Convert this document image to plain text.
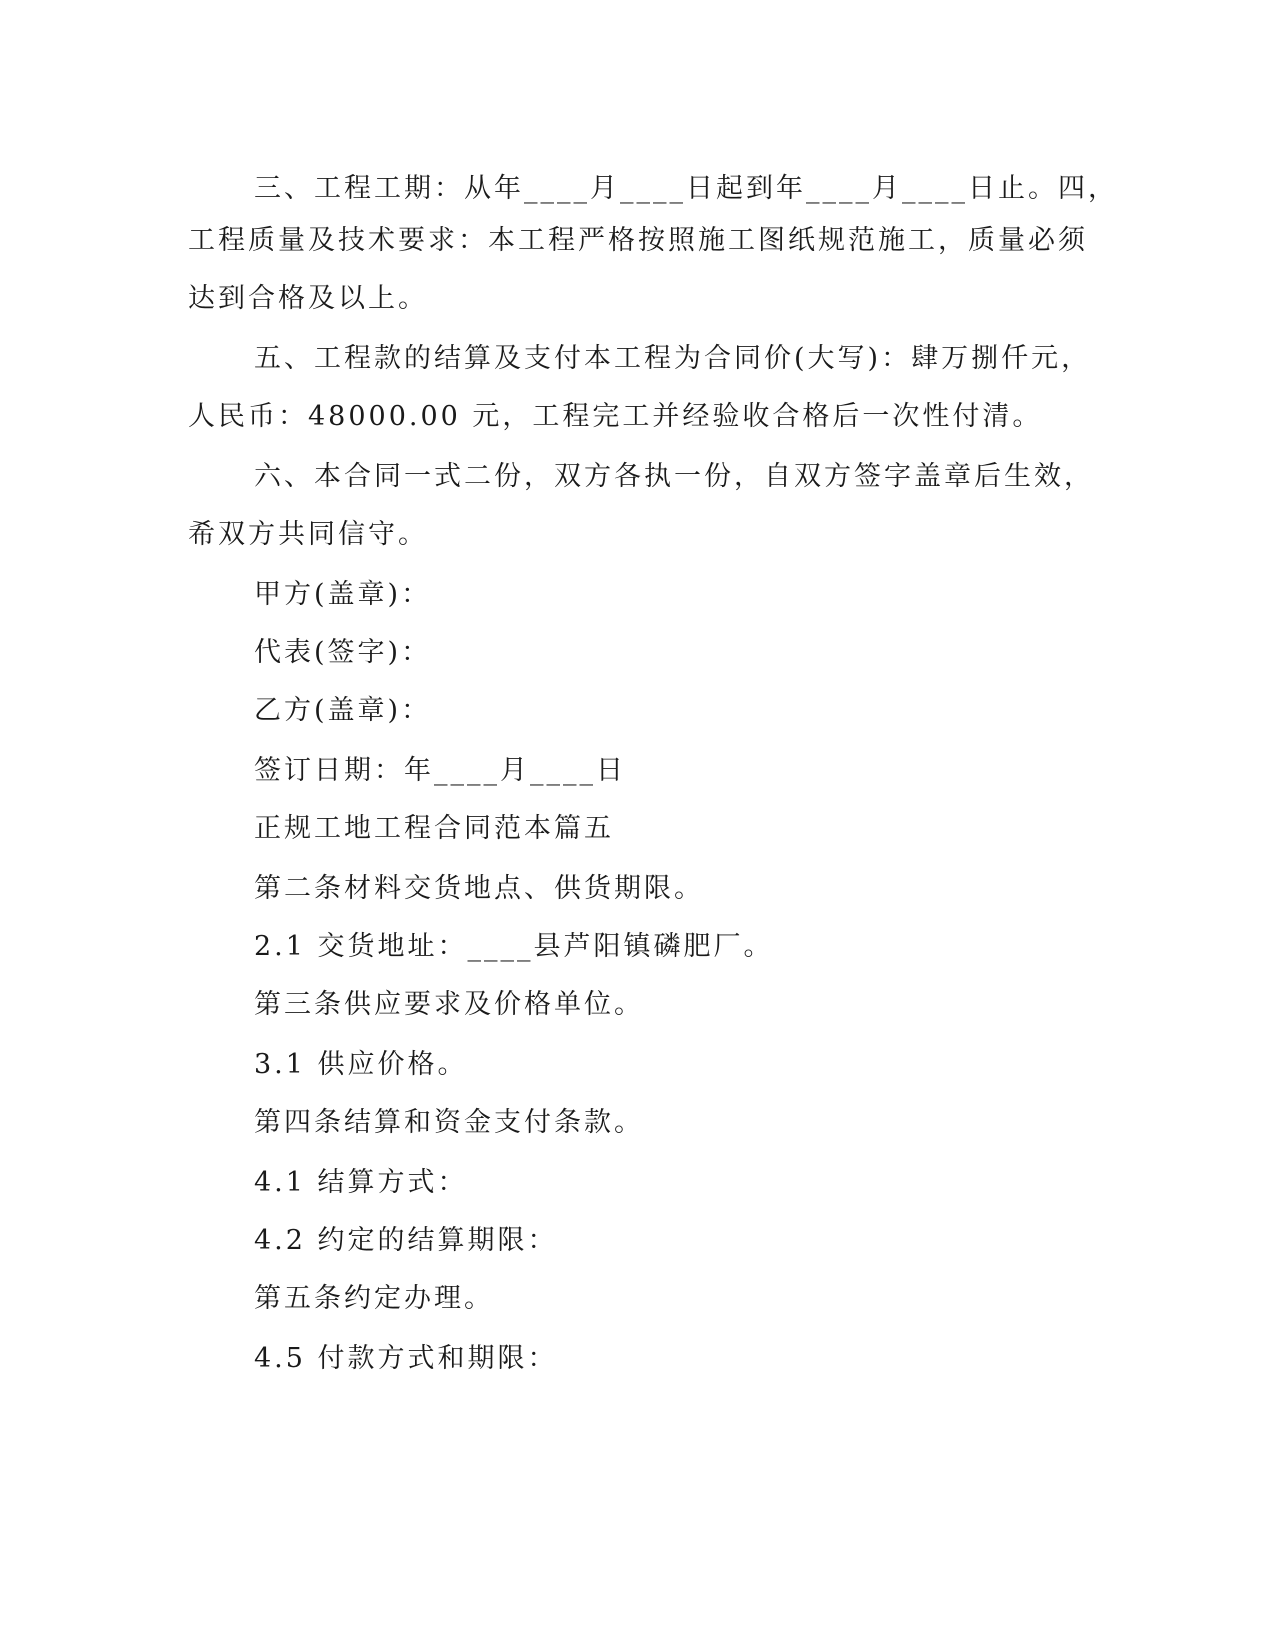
三、工程工期：从年____月____日起到年____月____日止。四，
工程质量及技术要求：本工程严格按照施工图纸规范施工，质量必须
达到合格及以上。
五、工程款的结算及支付本工程为合同价(大写)：肆万捌仟元，
人民币：48000.00 元，工程完工并经验收合格后一次性付清。
六、本合同一式二份，双方各执一份，自双方签字盖章后生效，
希双方共同信守。
甲方(盖章)：
代表(签字)：
乙方(盖章)：
签订日期：年____月____日
正规工地工程合同范本篇五
第二条材料交货地点、供货期限。
2.1 交货地址：____县芦阳镇磷肥厂。
第三条供应要求及价格单位。
3.1 供应价格。
第四条结算和资金支付条款。
4.1 结算方式：
4.2 约定的结算期限：
第五条约定办理。
4.5 付款方式和期限：
